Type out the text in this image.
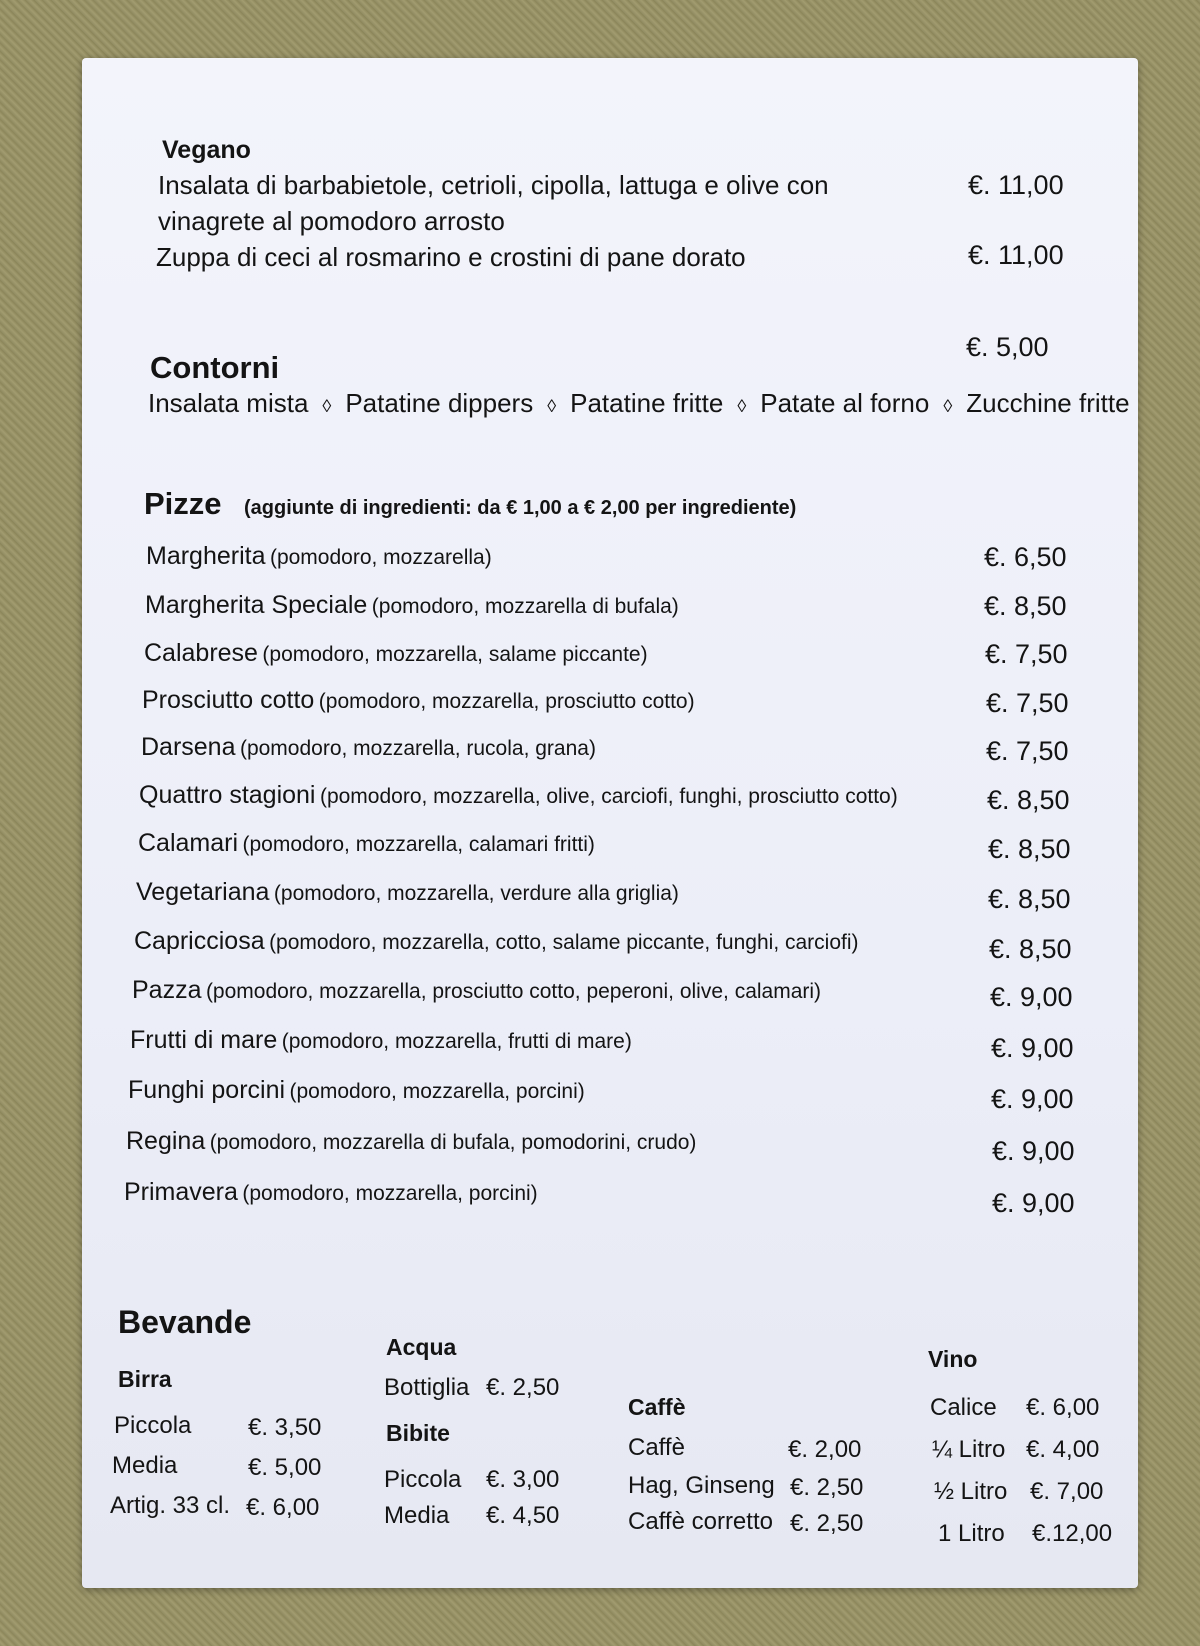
Vegano
Insalata di barbabietole, cetrioli, cipolla, lattuga e olive con	€. 11,00
vinagrete al pomodoro arrosto
Zuppa di ceci al rosmarino e crostini di pane dorato	€. 11,00
€. 5,00
Contorni
Insalata mista ◊ Patatine dippers ◊ Patatine fritte ◊ Patate al forno ◊ Zucchine fritte
Pizze (aggiunte di ingredienti: da € 1,00 a € 2,00 per ingrediente)
Margherita (pomodoro, mozzarella)	€. 6,50
Margherita Speciale (pomodoro, mozzarella di bufala)	€. 8,50
Calabrese (pomodoro, mozzarella, salame piccante)	€. 7,50
Prosciutto cotto (pomodoro, mozzarella, prosciutto cotto)	€. 7,50
Darsena (pomodoro, mozzarella, rucola, grana)	€. 7,50
Quattro stagioni (pomodoro, mozzarella, olive, carciofi, funghi, prosciutto cotto)	€. 8,50
Calamari (pomodoro, mozzarella, calamari fritti)	€. 8,50
Vegetariana (pomodoro, mozzarella, verdure alla griglia)	€. 8,50
Capricciosa (pomodoro, mozzarella, cotto, salame piccante, funghi, carciofi)	€. 8,50
Pazza (pomodoro, mozzarella, prosciutto cotto, peperoni, olive, calamari)	€. 9,00
Frutti di mare (pomodoro, mozzarella, frutti di mare)	€. 9,00
Funghi porcini (pomodoro, mozzarella, porcini)	€. 9,00
Regina (pomodoro, mozzarella di bufala, pomodorini, crudo)	€. 9,00
Primavera (pomodoro, mozzarella, porcini)	€. 9,00
Bevande
Birra
Piccola €. 3,50
Media	€. 5,00
Artig. 33 cl. €. 6,00
Acqua
Bottiglia €. 2,50
Bibite
Piccola €. 3,00
Media €. 4,50
Caffè
Caffè	€. 2,00
Hag, Ginseng €. 2,50
Caffè corretto €. 2,50
Vino
Calice €. 6,00
¼ Litro €. 4,00
½ Litro €. 7,00
1 Litro €.12,00
